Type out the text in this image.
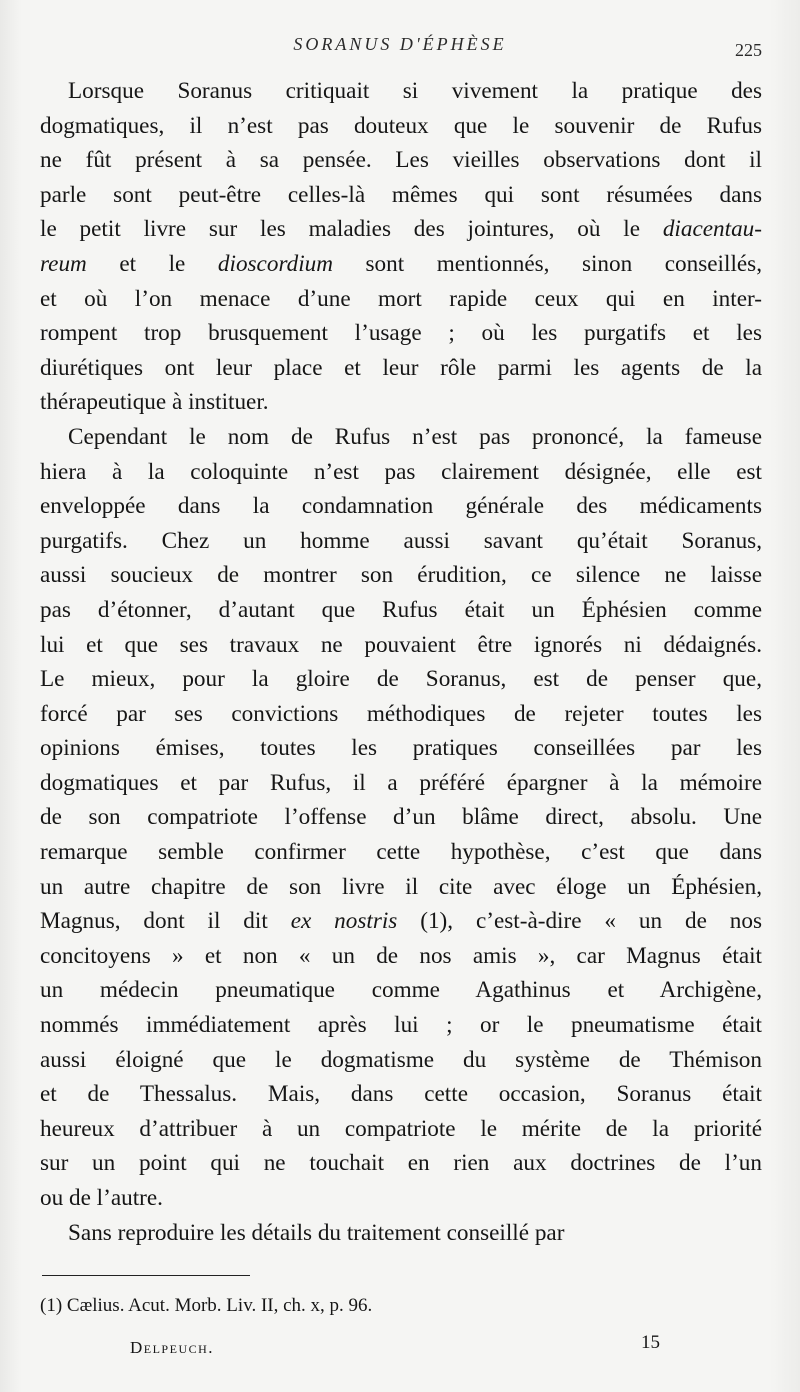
SORANUS D'ÉPHÈSE	225
Lorsque Soranus critiquait si vivement la pratique des
dogmatiques, il n’est pas douteux que le souvenir de Rufus
ne fût présent à sa pensée. Les vieilles observations dont il
parle sont peut-être celles-là mêmes qui sont résumées dans
le petit livre sur les maladies des jointures, où le diacentau-
reum et le dioscordium sont mentionnés, sinon conseillés,
et où l’on menace d’une mort rapide ceux qui en inter-
rompent trop brusquement l’usage ; où les purgatifs et les
diurétiques ont leur place et leur rôle parmi les agents de la
thérapeutique à instituer.
Cependant le nom de Rufus n’est pas prononcé, la fameuse
hiera à la coloquinte n’est pas clairement désignée, elle est
enveloppée dans la condamnation générale des médicaments
purgatifs. Chez un homme aussi savant qu’était Soranus,
aussi soucieux de montrer son érudition, ce silence ne laisse
pas d’étonner, d’autant que Rufus était un Éphésien comme
lui et que ses travaux ne pouvaient être ignorés ni dédaignés.
Le mieux, pour la gloire de Soranus, est de penser que,
forcé par ses convictions méthodiques de rejeter toutes les
opinions émises, toutes les pratiques conseillées par les
dogmatiques et par Rufus, il a préféré épargner à la mémoire
de son compatriote l’offense d’un blâme direct, absolu. Une
remarque semble confirmer cette hypothèse, c’est que dans
un autre chapitre de son livre il cite avec éloge un Éphésien,
Magnus, dont il dit ex nostris (1), c’est-à-dire « un de nos
concitoyens » et non « un de nos amis », car Magnus était
un médecin pneumatique comme Agathinus et Archigène,
nommés immédiatement après lui ; or le pneumatisme était
aussi éloigné que le dogmatisme du système de Thémison
et de Thessalus. Mais, dans cette occasion, Soranus était
heureux d’attribuer à un compatriote le mérite de la priorité
sur un point qui ne touchait en rien aux doctrines de l’un
ou de l’autre.
Sans reproduire les détails du traitement conseillé par
(1) Cælius. Acut. Morb. Liv. II, ch. x, p. 96.
Delpeuch.	15
